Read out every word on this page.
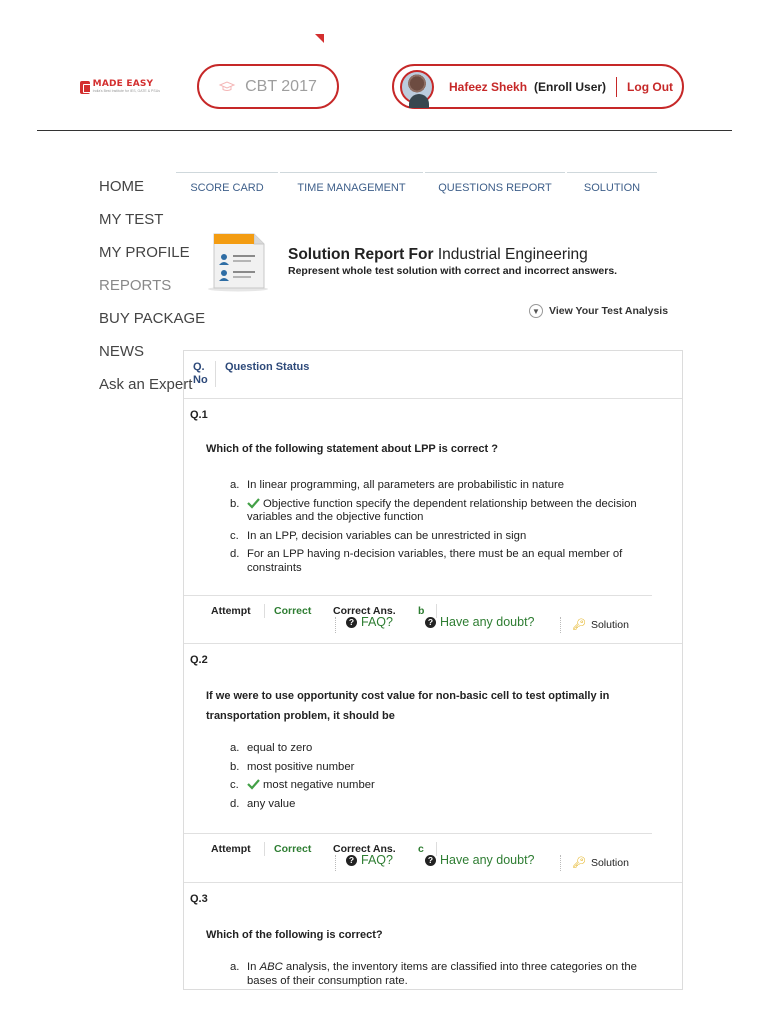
MADE EASY
India's Best Institute for IES, GATE & PSUs	CBT 2017	Hafeez Shekh (Enroll User) Log Out
HOME
MY TEST
MY PROFILE
REPORTS
BUY PACKAGE
NEWS
Ask an Expert
SCORE CARD	TIME MANAGEMENT	QUESTIONS REPORT	SOLUTION
Solution Report For Industrial Engineering
Represent whole test solution with correct and incorrect answers.
▼ View Your Test Analysis
Q. No
Question Status
Q.1
Which of the following statement about LPP is correct ?
a. In linear programming, all parameters are probabilistic in nature
b.	Objective function specify the dependent relationship between the decision variables and the objective function
c. In an LPP, decision variables can be unrestricted in sign
d. For an LPP having n-decision variables, there must be an equal member of constraints
Attempt Correct Correct Ans. b
? FAQ?	? Have any doubt?	🔑︎ Solution
Q.2
If we were to use opportunity cost value for non-basic cell to test optimally in transportation problem, it should be
a. equal to zero
b. most positive number
c.	most negative number
d. any value
Attempt Correct Correct Ans. c
? FAQ?	? Have any doubt?	🔑︎ Solution
Q.3
Which of the following is correct?
a. In ABC analysis, the inventory items are classified into three categories on the bases of their consumption rate.
